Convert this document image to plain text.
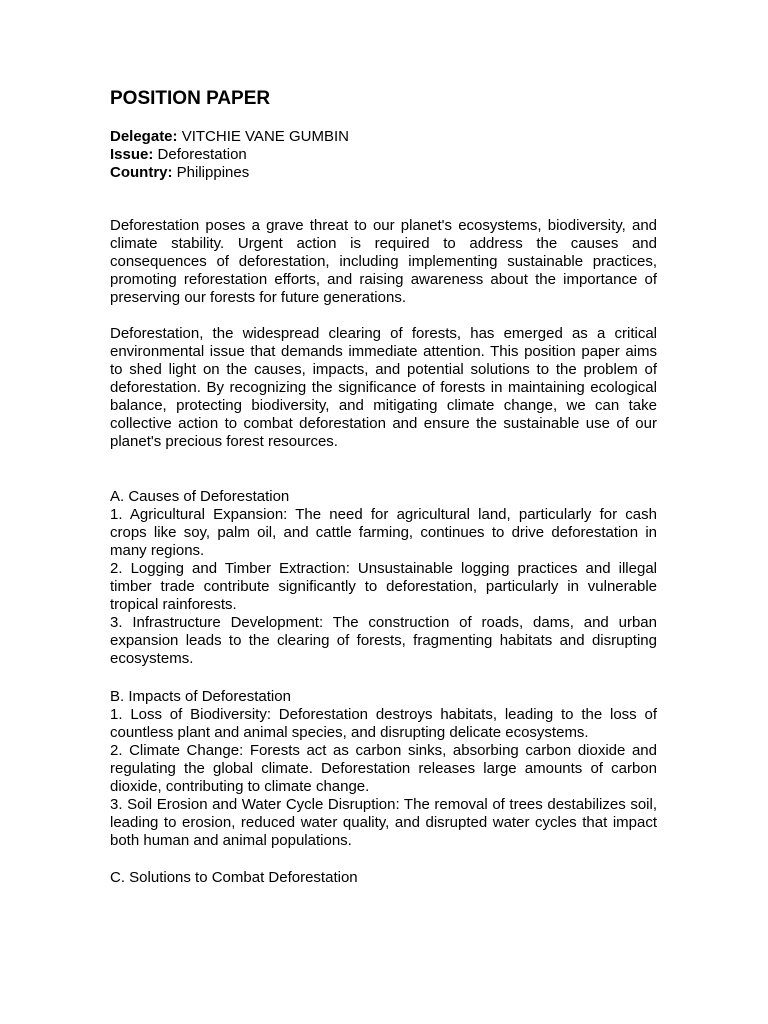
POSITION PAPER
Delegate: VITCHIE VANE GUMBIN
Issue: Deforestation
Country: Philippines

Deforestation poses a grave threat to our planet's ecosystems, biodiversity, and climate stability. Urgent action is required to address the causes and consequences of deforestation, including implementing sustainable practices, promoting reforestation efforts, and raising awareness about the importance of preserving our forests for future generations.

Deforestation, the widespread clearing of forests, has emerged as a critical environmental issue that demands immediate attention. This position paper aims to shed light on the causes, impacts, and potential solutions to the problem of deforestation. By recognizing the significance of forests in maintaining ecological balance, protecting biodiversity, and mitigating climate change, we can take collective action to combat deforestation and ensure the sustainable use of our planet's precious forest resources.

A. Causes of Deforestation

1. Agricultural Expansion: The need for agricultural land, particularly for cash crops like soy, palm oil, and cattle farming, continues to drive deforestation in many regions.

2. Logging and Timber Extraction: Unsustainable logging practices and illegal timber trade contribute significantly to deforestation, particularly in vulnerable tropical rainforests.

3. Infrastructure Development: The construction of roads, dams, and urban expansion leads to the clearing of forests, fragmenting habitats and disrupting ecosystems.

B. Impacts of Deforestation

1. Loss of Biodiversity: Deforestation destroys habitats, leading to the loss of countless plant and animal species, and disrupting delicate ecosystems.

2. Climate Change: Forests act as carbon sinks, absorbing carbon dioxide and regulating the global climate. Deforestation releases large amounts of carbon dioxide, contributing to climate change.

3. Soil Erosion and Water Cycle Disruption: The removal of trees destabilizes soil, leading to erosion, reduced water quality, and disrupted water cycles that impact both human and animal populations.

C. Solutions to Combat Deforestation
